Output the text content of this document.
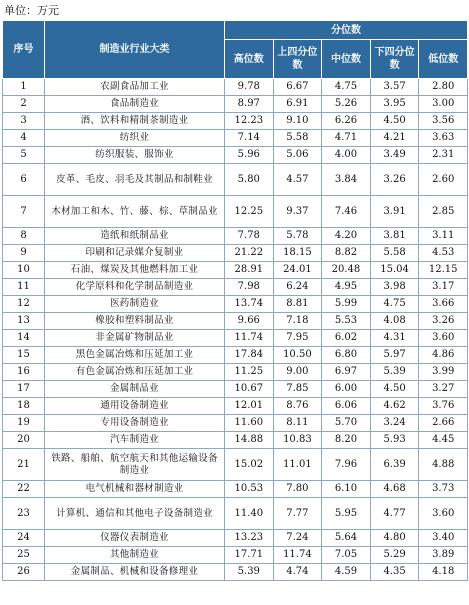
单位：万元
序号	制造业行业大类	分位数				
		高位数	上四分位数	中位数	下四分位数	低位数
1	农副食品加工业	9.78	6.67	4.75	3.57	2.80
2	食品制造业	8.97	6.91	5.26	3.95	3.00
3	酒、饮料和精制茶制造业	12.23	9.10	6.26	4.50	3.56
4	纺织业	7.14	5.58	4.71	4.21	3.63
5	纺织服装、服饰业	5.96	5.06	4.00	3.49	2.31
6	皮革、毛皮、羽毛及其制品和制鞋业	5.80	4.57	3.84	3.26	2.60
7	木材加工和木、竹、藤、棕、草制品业	12.25	9.37	7.46	3.91	2.85
8	造纸和纸制品业	7.78	5.78	4.20	3.81	3.11
9	印刷和记录媒介复制业	21.22	18.15	8.82	5.58	4.53
10	石油、煤炭及其他燃料加工业	28.91	24.01	20.48	15.04	12.15
11	化学原料和化学制品制造业	7.98	6.24	4.95	3.98	3.17
12	医药制造业	13.74	8.81	5.99	4.75	3.66
13	橡胶和塑料制品业	9.66	7.18	5.53	4.08	3.26
14	非金属矿物制品业	11.74	7.95	6.02	4.31	3.60
15	黑色金属冶炼和压延加工业	17.84	10.50	6.80	5.97	4.86
16	有色金属冶炼和压延加工业	11.25	9.00	6.97	5.39	3.99
17	金属制品业	10.67	7.85	6.00	4.50	3.27
18	通用设备制造业	12.01	8.76	6.06	4.62	3.76
19	专用设备制造业	11.60	8.11	5.70	3.24	2.66
20	汽车制造业	14.88	10.83	8.20	5.93	4.45
21	铁路、船舶、航空航天和其他运输设备制造业	15.02	11.01	7.96	6.39	4.88
22	电气机械和器材制造业	10.53	7.80	6.10	4.68	3.73
23	计算机、通信和其他电子设备制造业	11.40	7.77	5.95	4.77	3.60
24	仪器仪表制造业	13.23	7.24	5.64	4.80	3.40
25	其他制造业	17.71	11.74	7.05	5.29	3.89
26	金属制品、机械和设备修理业	5.39	4.74	4.59	4.35	4.18
